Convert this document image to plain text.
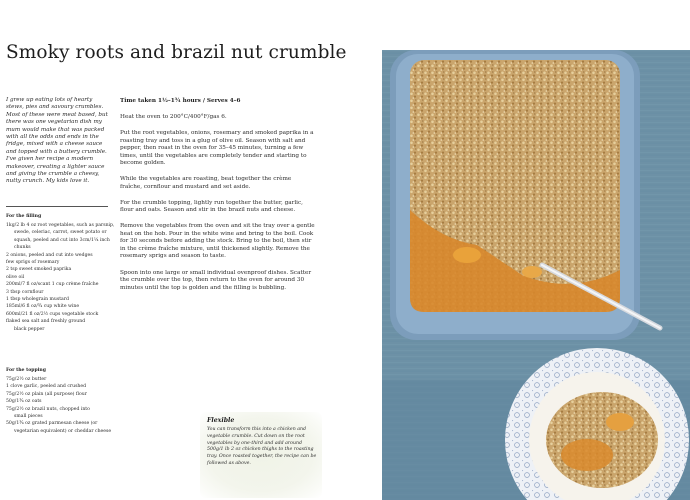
Smoky roots and brazil nut crumble
I grew up eating lots of hearty stews, pies and savoury crumbles. Most of these were meat based, but there was one vegetarian dish my mum would make that was packed with all the odds and ends in the fridge, mixed with a cheese sauce and topped with a buttery crumble. I've given her recipe a modern makeover, creating a lighter sauce and giving the crumble a cheesy, nutty crunch. My kids love it.
For the filling
1kg/2 lb 4 oz root vegetables, such as parsnip,
swede, celeriac, carrot, sweet potato or
squash, peeled and cut into 3cm/1¼ inch
chunks
2 onions, peeled and cut into wedges
few sprigs of rosemary
2 tsp sweet smoked paprika
olive oil
200ml/7 fl oz/scant 1 cup crème fraîche
3 tbsp cornflour
1 tbsp wholegrain mustard
185ml/6 fl oz/¾ cup white wine
600ml/21 fl oz/2½ cups vegetable stock
flaked sea salt and freshly ground
black pepper
For the topping
75g/2½ oz butter
1 clove garlic, peeled and crushed
75g/2½ oz plain (all purpose) flour
50g/1¾ oz oats
75g/2½ oz brazil nuts, chopped into
small pieces
50g/1¾ oz grated parmesan cheese (or
vegetarian equivalent) or cheddar cheese

Time taken 1½–1¾ hours / Serves 4–6

Heat the oven to 200°C/400°F/gas 6.

Put the root vegetables, onions, rosemary and smoked paprika in a roasting tray and toss in a glug of olive oil. Season with salt and pepper, then roast in the oven for 35–45 minutes, turning a few times, until the vegetables are completely tender and starting to become golden.

While the vegetables are roasting, beat together the crème fraîche, cornflour and mustard and set aside.

For the crumble topping, lightly run together the butter, garlic, flour and oats. Season and stir in the brazil nuts and cheese.

Remove the vegetables from the oven and sit the tray over a gentle heat on the hob. Pour in the white wine and bring to the boil. Cook for 30 seconds before adding the stock. Bring to the boil, then stir in the crème fraîche mixture, until thickened slightly. Remove the rosemary sprigs and season to taste.

Spoon into one large or small individual ovenproof dishes. Scatter the crumble over the top, then return to the oven for around 30 minutes until the top is golden and the filling is bubbling.

Flexible
You can transform this into a chicken and vegetable crumble. Cut down on the root vegetables by one-third and add around 500g/1 lb 2 oz chicken thighs to the roasting tray. Once roasted together, the recipe can be followed as above.
